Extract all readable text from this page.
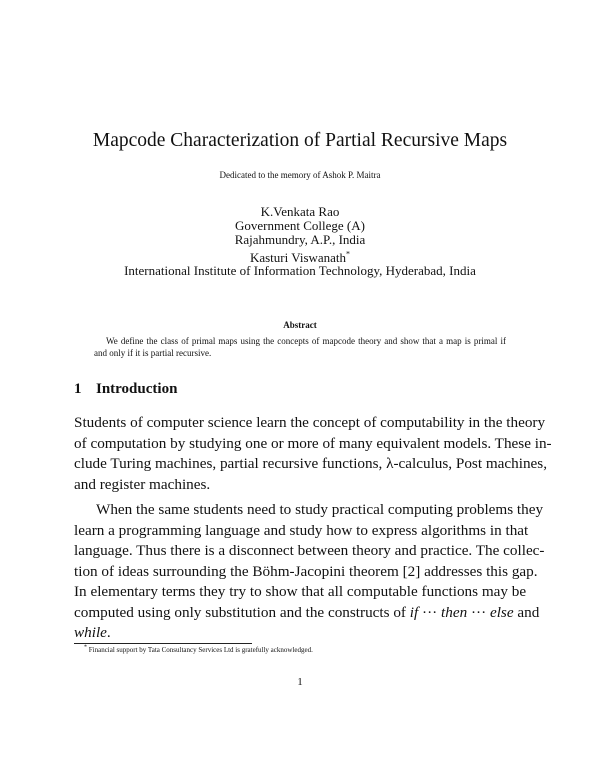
Mapcode Characterization of Partial Recursive Maps
Dedicated to the memory of Ashok P. Maitra
K.Venkata Rao
Government College (A)
Rajahmundry, A.P., India
Kasturi Viswanath*
International Institute of Information Technology, Hyderabad, India
Abstract
We define the class of primal maps using the concepts of mapcode theory and show that a map is primal if
and only if it is partial recursive.
1 Introduction
Students of computer science learn the concept of computability in the theory
of computation by studying one or more of many equivalent models. These in-
clude Turing machines, partial recursive functions, λ-calculus, Post machines,
and register machines.
When the same students need to study practical computing problems they
learn a programming language and study how to express algorithms in that
language. Thus there is a disconnect between theory and practice. The collec-
tion of ideas surrounding the Böhm-Jacopini theorem [2] addresses this gap.
In elementary terms they try to show that all computable functions may be
computed using only substitution and the constructs of if ··· then ··· else and
while.
* Financial support by Tata Consultancy Services Ltd is gratefully acknowledged.
1
